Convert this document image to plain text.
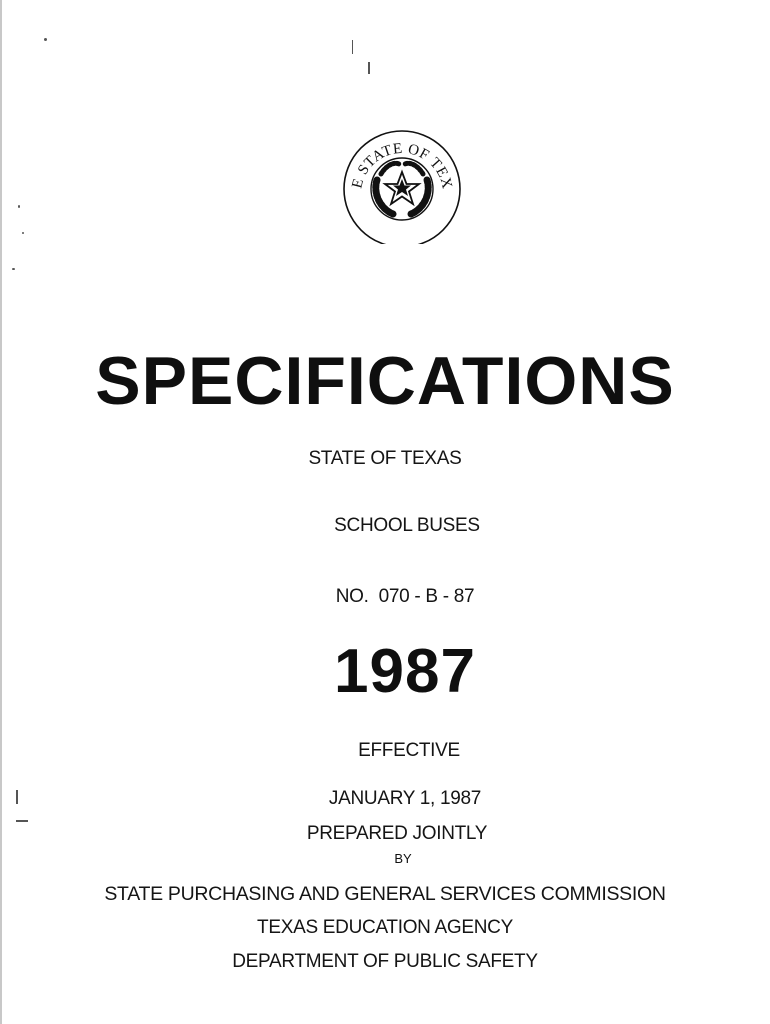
E STATE OF TEX
SPECIFICATIONS
STATE OF TEXAS
SCHOOL BUSES
NO.  070 - B - 87
1987
EFFECTIVE
JANUARY 1, 1987
PREPARED JOINTLY
BY
STATE PURCHASING AND GENERAL SERVICES COMMISSION
TEXAS EDUCATION AGENCY
DEPARTMENT OF PUBLIC SAFETY
